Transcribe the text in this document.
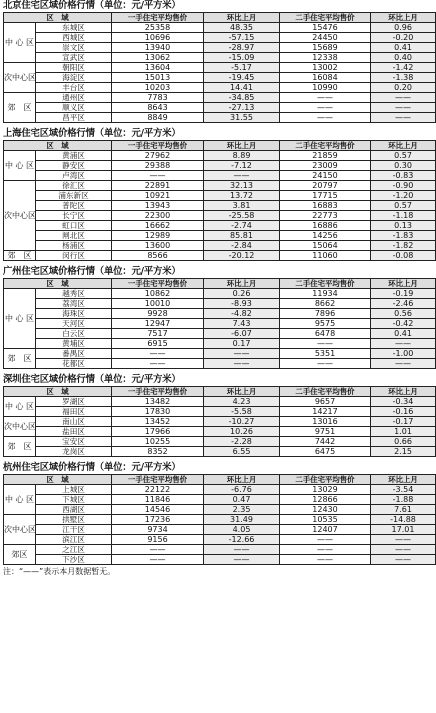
北京住宅区域价格行情（单位：元/平方米）
区　域		一手住宅平均售价	环比上月	二手住宅平均售价	环比上月
中 心 区	东城区	25358	48.35	15476	0.96
	西城区	10696	-57.15	24450	-0.20
	崇文区	13940	-28.97	15689	0.41
	宣武区	13062	-15.09	12338	0.40
次中心区	朝阳区	13604	-5.17	13002	-1.42
	海淀区	15013	-19.45	16084	-1.38
	丰台区	10203	14.41	10990	0.20
郊　区	通州区	7783	-34.85	——	——
	顺义区	8643	-27.13	——	——
	昌平区	8849	31.55	——	——
上海住宅区域价格行情（单位：元/平方米）
区　域		一手住宅平均售价	环比上月	二手住宅平均售价	环比上月
中 心 区	黄浦区	27962	8.89	21859	0.57
	静安区	29388	-7.12	23009	0.30
	卢湾区	——	——	24150	-0.83
次中心区	徐汇区	22891	32.13	20797	-0.90
	浦东新区	10921	13.72	17715	-1.20
	普陀区	13943	3.81	16883	0.57
	长宁区	22300	-25.58	22773	-1.18
	虹口区	16662	-2.74	16886	0.13
	闸北区	12989	85.81	14256	-1.83
	杨浦区	13600	-2.84	15064	-1.82
郊　区	闵行区	8566	-20.12	11060	-0.08
广州住宅区域价格行情（单位：元/平方米）
区　域		一手住宅平均售价	环比上月	二手住宅平均售价	环比上月
中 心 区	越秀区	10862	0.26	11934	-0.19
	荔湾区	10010	-8.93	8662	-2.46
	海珠区	9928	-4.82	7896	0.56
	天河区	12947	7.43	9575	-0.42
	白云区	7517	-6.07	6478	0.41
	黄埔区	6915	0.17	——	——
郊　区	番禺区	——	——	5351	-1.00
	花都区	——	——	——	——
深圳住宅区域价格行情（单位：元/平方米）
区　域		一手住宅平均售价	环比上月	二手住宅平均售价	环比上月
中 心 区	罗湖区	13482	4.23	9657	-0.34
	福田区	17830	-5.58	14217	-0.16
次中心区	南山区	13452	-10.27	13016	-0.17
	盐田区	17966	10.26	9751	1.01
郊　区	宝安区	10255	-2.28	7442	0.66
	龙岗区	8352	6.55	6475	2.15
杭州住宅区域价格行情（单位：元/平方米）
区　域		一手住宅平均售价	环比上月	二手住宅平均售价	环比上月
中 心 区	上城区	22122	-6.76	13029	-3.54
	下城区	11846	0.47	12866	-1.88
	西湖区	14546	2.35	12430	7.61
次中心区	拱墅区	17236	31.49	10535	-14.88
	江干区	9734	4.05	12407	17.01
	滨江区	9156	-12.66	——	——
郊区	之江区	——	——	——	——
	下沙区	——	——	——	——
注：“——”表示本月数据暂无。
